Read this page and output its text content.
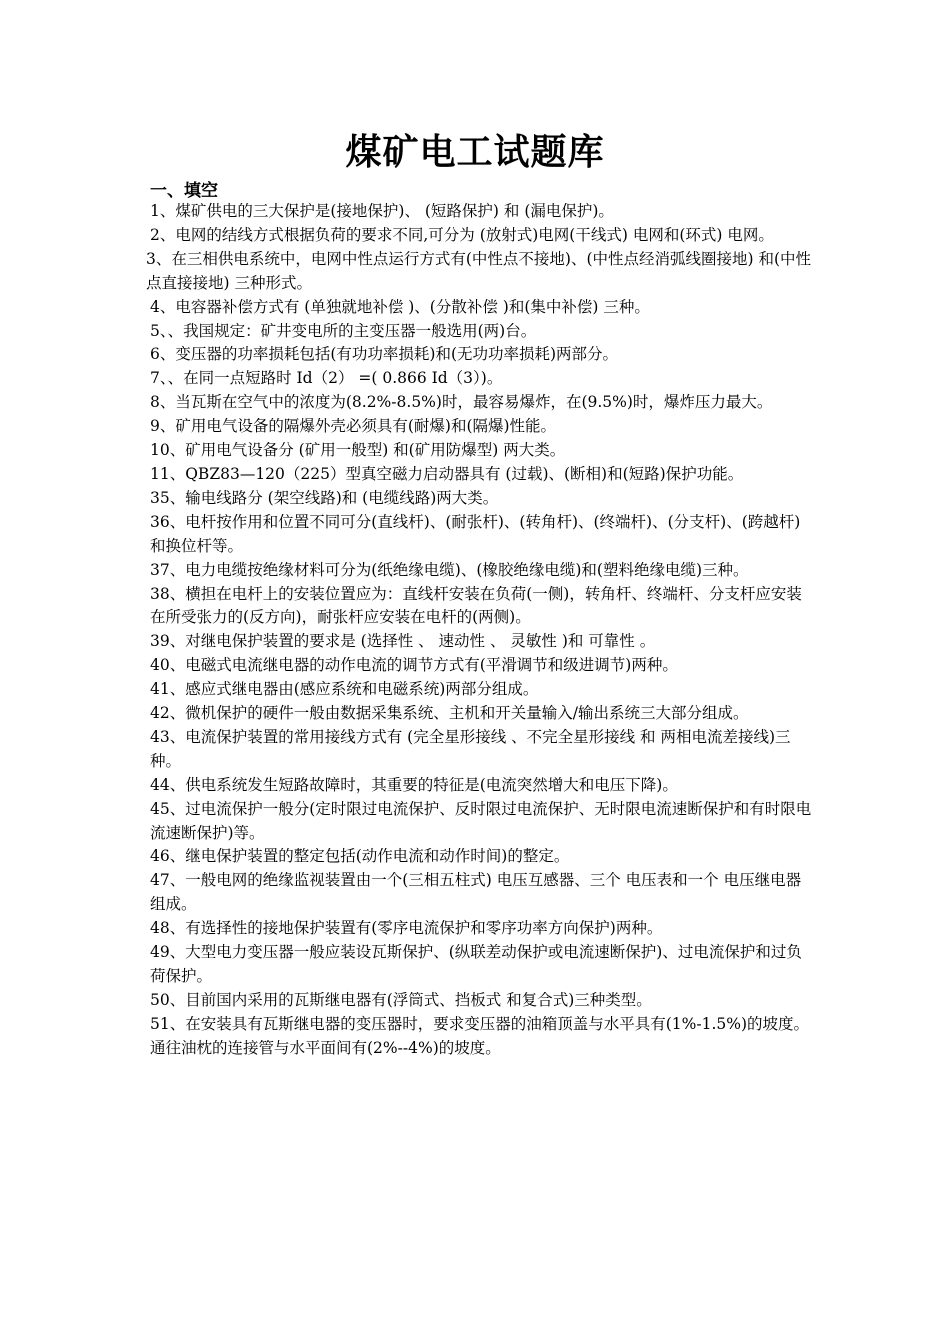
煤矿电工试题库
一、填空

1、煤矿供电的三大保护是(接地保护)、 (短路保护) 和 (漏电保护)。

2、电网的结线方式根据负荷的要求不同,可分为 (放射式)电网(干线式) 电网和(环式) 电网。

3、在三相供电系统中，电网中性点运行方式有(中性点不接地)、(中性点经消弧线圈接地) 和(中性点直接接地) 三种形式。

4、电容器补偿方式有 (单独就地补偿 )、(分散补偿 )和(集中补偿) 三种。

5、、我国规定：矿井变电所的主变压器一般选用(两)台。

6、变压器的功率损耗包括(有功功率损耗)和(无功功率损耗)两部分。

7、、在同一点短路时 Id（2） =( 0.866 Id（3）)。

8、当瓦斯在空气中的浓度为(8.2%-8.5%)时，最容易爆炸，在(9.5%)时，爆炸压力最大。

9、矿用电气设备的隔爆外壳必须具有(耐爆)和(隔爆)性能。

10、矿用电气设备分 (矿用一般型) 和(矿用防爆型) 两大类。

11、QBZ83—120（225）型真空磁力启动器具有 (过载)、(断相)和(短路)保护功能。

35、输电线路分 (架空线路)和 (电缆线路)两大类。

36、电杆按作用和位置不同可分(直线杆)、(耐张杆)、(转角杆)、(终端杆)、(分支杆)、(跨越杆)和换位杆等。

37、电力电缆按绝缘材料可分为(纸绝缘电缆)、(橡胶绝缘电缆)和(塑料绝缘电缆)三种。

38、横担在电杆上的安装位置应为：直线杆安装在负荷(一侧)，转角杆、终端杆、分支杆应安装在所受张力的(反方向)，耐张杆应安装在电杆的(两侧)。

39、对继电保护装置的要求是 (选择性 、 速动性 、 灵敏性 )和 可靠性 。

40、电磁式电流继电器的动作电流的调节方式有(平滑调节和级进调节)两种。

41、感应式继电器由(感应系统和电磁系统)两部分组成。

42、微机保护的硬件一般由数据采集系统、主机和开关量输入/输出系统三大部分组成。

43、电流保护装置的常用接线方式有 (完全星形接线 、不完全星形接线 和 两相电流差接线)三种。

44、供电系统发生短路故障时，其重要的特征是(电流突然增大和电压下降)。

45、过电流保护一般分(定时限过电流保护、反时限过电流保护、无时限电流速断保护和有时限电流速断保护)等。

46、继电保护装置的整定包括(动作电流和动作时间)的整定。

47、一般电网的绝缘监视装置由一个(三相五柱式) 电压互感器、三个 电压表和一个 电压继电器 组成。

48、有选择性的接地保护装置有(零序电流保护和零序功率方向保护)两种。

49、大型电力变压器一般应装设瓦斯保护、(纵联差动保护或电流速断保护)、过电流保护和过负荷保护。

50、目前国内采用的瓦斯继电器有(浮筒式、挡板式 和复合式)三种类型。

51、在安装具有瓦斯继电器的变压器时，要求变压器的油箱顶盖与水平具有(1%-1.5%)的坡度。通往油枕的连接管与水平面间有(2%--4%)的坡度。
